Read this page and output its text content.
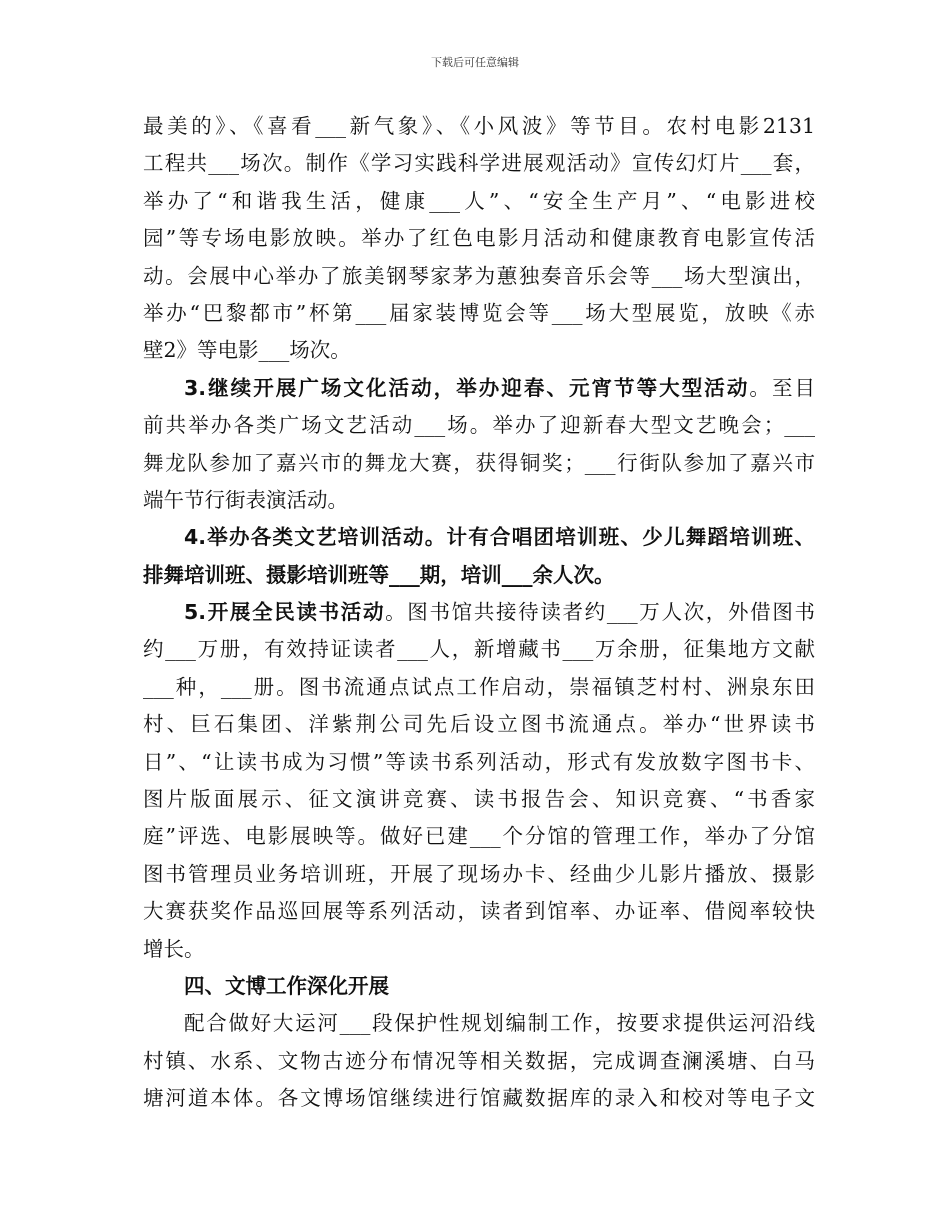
下载后可任意编辑
最美的》、《喜看___新气象》、《小风波》等节目。农村电影2131
工程共___场次。制作《学习实践科学进展观活动》宣传幻灯片___套，
举办了“和谐我生活，健康___人”、“安全生产月”、“电影进校
园”等专场电影放映。举办了红色电影月活动和健康教育电影宣传活
动。会展中心举办了旅美钢琴家茅为蕙独奏音乐会等___场大型演出，
举办“巴黎都市”杯第___届家装博览会等___场大型展览，放映《赤
壁2》等电影___场次。
3.继续开展广场文化活动，举办迎春、元宵节等大型活动。至目
前共举办各类广场文艺活动___场。举办了迎新春大型文艺晚会；___
舞龙队参加了嘉兴市的舞龙大赛，获得铜奖；___行街队参加了嘉兴市
端午节行街表演活动。
4.举办各类文艺培训活动。计有合唱团培训班、少儿舞蹈培训班、
排舞培训班、摄影培训班等___期，培训___余人次。
5.开展全民读书活动。图书馆共接待读者约___万人次，外借图书
约___万册，有效持证读者___人，新增藏书___万余册，征集地方文献
___种，___册。图书流通点试点工作启动，崇福镇芝村村、洲泉东田
村、巨石集团、洋紫荆公司先后设立图书流通点。举办“世界读书
日”、“让读书成为习惯”等读书系列活动，形式有发放数字图书卡、
图片版面展示、征文演讲竞赛、读书报告会、知识竞赛、“书香家
庭”评选、电影展映等。做好已建___个分馆的管理工作，举办了分馆
图书管理员业务培训班，开展了现场办卡、经曲少儿影片播放、摄影
大赛获奖作品巡回展等系列活动，读者到馆率、办证率、借阅率较快
增长。
四、文博工作深化开展
配合做好大运河___段保护性规划编制工作，按要求提供运河沿线
村镇、水系、文物古迹分布情况等相关数据，完成调查澜溪塘、白马
塘河道本体。各文博场馆继续进行馆藏数据库的录入和校对等电子文
